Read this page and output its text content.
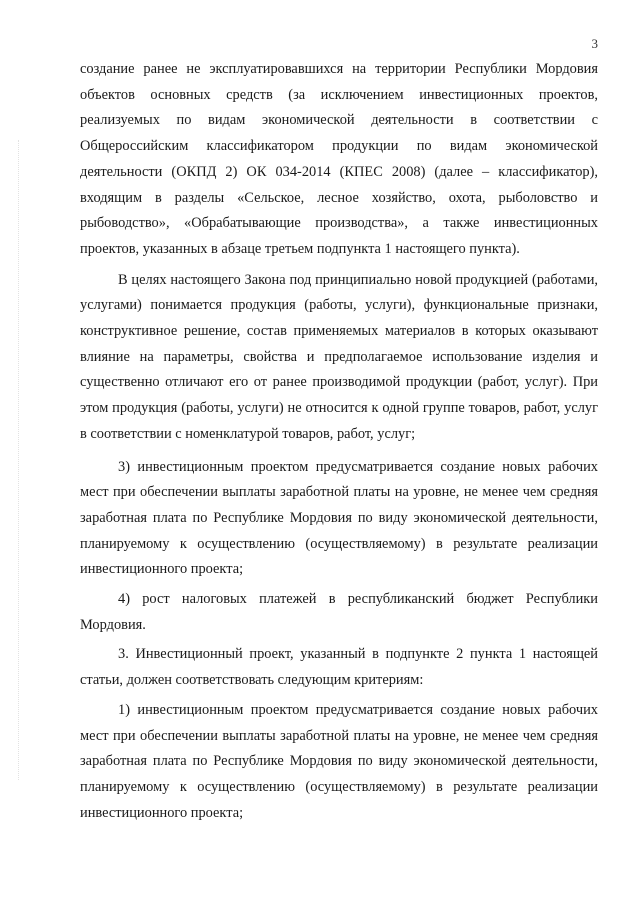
3

создание ранее не эксплуатировавшихся на территории Республики Мордовия объектов основных средств (за исключением инвестиционных проектов, реализуемых по видам экономической деятельности в соответствии с Общероссийским классификатором продукции по видам экономической деятельности (ОКПД 2) ОК 034-2014 (КПЕС 2008) (далее – классификатор), входящим в разделы «Сельское, лесное хозяйство, охота, рыболовство и рыбоводство», «Обрабатывающие производства», а также инвестиционных проектов, указанных в абзаце третьем подпункта 1 настоящего пункта).

В целях настоящего Закона под принципиально новой продукцией (работами, услугами) понимается продукция (работы, услуги), функциональные признаки, конструктивное решение, состав применяемых материалов в которых оказывают влияние на параметры, свойства и предполагаемое использование изделия и существенно отличают его от ранее производимой продукции (работ, услуг). При этом продукция (работы, услуги) не относится к одной группе товаров, работ, услуг в соответствии с номенклатурой товаров, работ, услуг;

3) инвестиционным проектом предусматривается создание новых рабочих мест при обеспечении выплаты заработной платы на уровне, не менее чем средняя заработная плата по Республике Мордовия по виду экономической деятельности, планируемому к осуществлению (осуществляемому) в результате реализации инвестиционного проекта;

4) рост налоговых платежей в республиканский бюджет Республики Мордовия.

3. Инвестиционный проект, указанный в подпункте 2 пункта 1 настоящей статьи, должен соответствовать следующим критериям:

1) инвестиционным проектом предусматривается создание новых рабочих мест при обеспечении выплаты заработной платы на уровне, не менее чем средняя заработная плата по Республике Мордовия по виду экономической деятельности, планируемому к осуществлению (осуществляемому) в результате реализации инвестиционного проекта;
